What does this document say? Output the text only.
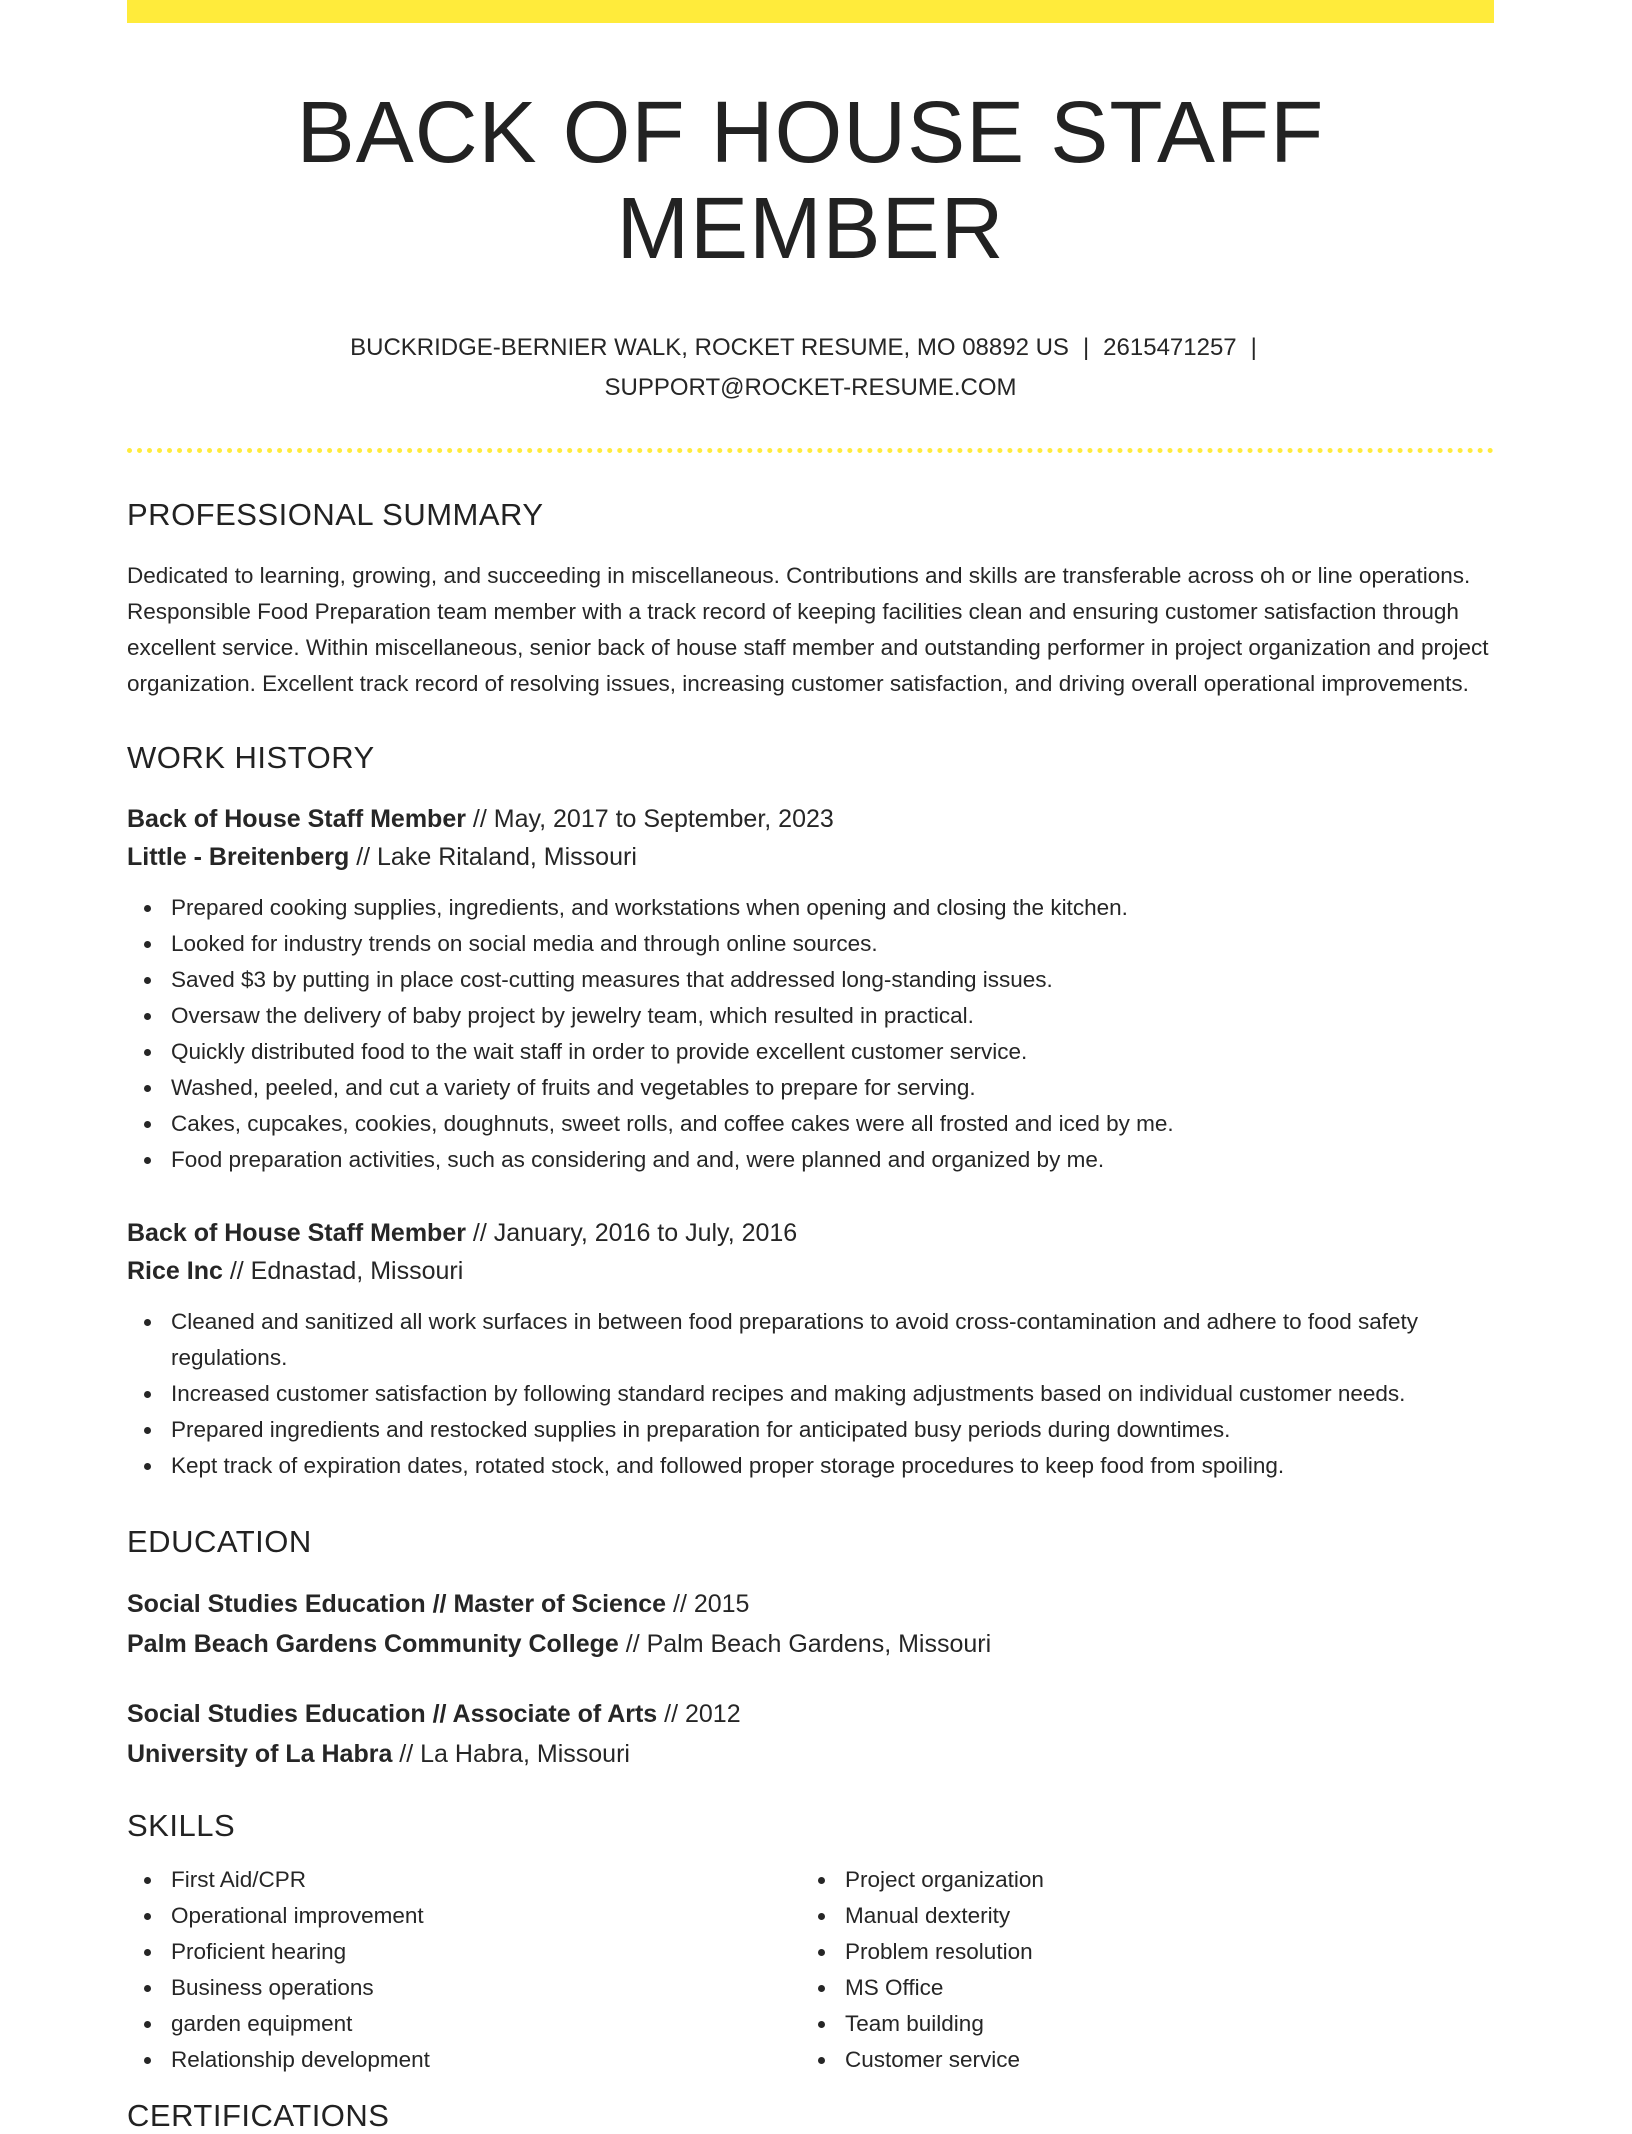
BACK OF HOUSE STAFF MEMBER
BUCKRIDGE-BERNIER WALK, ROCKET RESUME, MO 08892 US | 2615471257 |
SUPPORT@ROCKET-RESUME.COM
PROFESSIONAL SUMMARY

Dedicated to learning, growing, and succeeding in miscellaneous. Contributions and skills are transferable across oh or line operations. Responsible Food Preparation team member with a track record of keeping facilities clean and ensuring customer satisfaction through excellent service. Within miscellaneous, senior back of house staff member and outstanding performer in project organization and project organization. Excellent track record of resolving issues, increasing customer satisfaction, and driving overall operational improvements.

WORK HISTORY
Back of House Staff Member // May, 2017 to September, 2023
Little - Breitenberg // Lake Ritaland, Missouri
Prepared cooking supplies, ingredients, and workstations when opening and closing the kitchen.
Looked for industry trends on social media and through online sources.
Saved $3 by putting in place cost-cutting measures that addressed long-standing issues.
Oversaw the delivery of baby project by jewelry team, which resulted in practical.
Quickly distributed food to the wait staff in order to provide excellent customer service.
Washed, peeled, and cut a variety of fruits and vegetables to prepare for serving.
Cakes, cupcakes, cookies, doughnuts, sweet rolls, and coffee cakes were all frosted and iced by me.
Food preparation activities, such as considering and and, were planned and organized by me.
Back of House Staff Member // January, 2016 to July, 2016
Rice Inc // Ednastad, Missouri
Cleaned and sanitized all work surfaces in between food preparations to avoid cross-contamination and adhere to food safety regulations.
Increased customer satisfaction by following standard recipes and making adjustments based on individual customer needs.
Prepared ingredients and restocked supplies in preparation for anticipated busy periods during downtimes.
Kept track of expiration dates, rotated stock, and followed proper storage procedures to keep food from spoiling.
EDUCATION
Social Studies Education // Master of Science // 2015
Palm Beach Gardens Community College // Palm Beach Gardens, Missouri
Social Studies Education // Associate of Arts // 2012
University of La Habra // La Habra, Missouri
SKILLS
First Aid/CPR
Operational improvement
Proficient hearing
Business operations
garden equipment
Relationship development
Project organization
Manual dexterity
Problem resolution
MS Office
Team building
Customer service
CERTIFICATIONS
